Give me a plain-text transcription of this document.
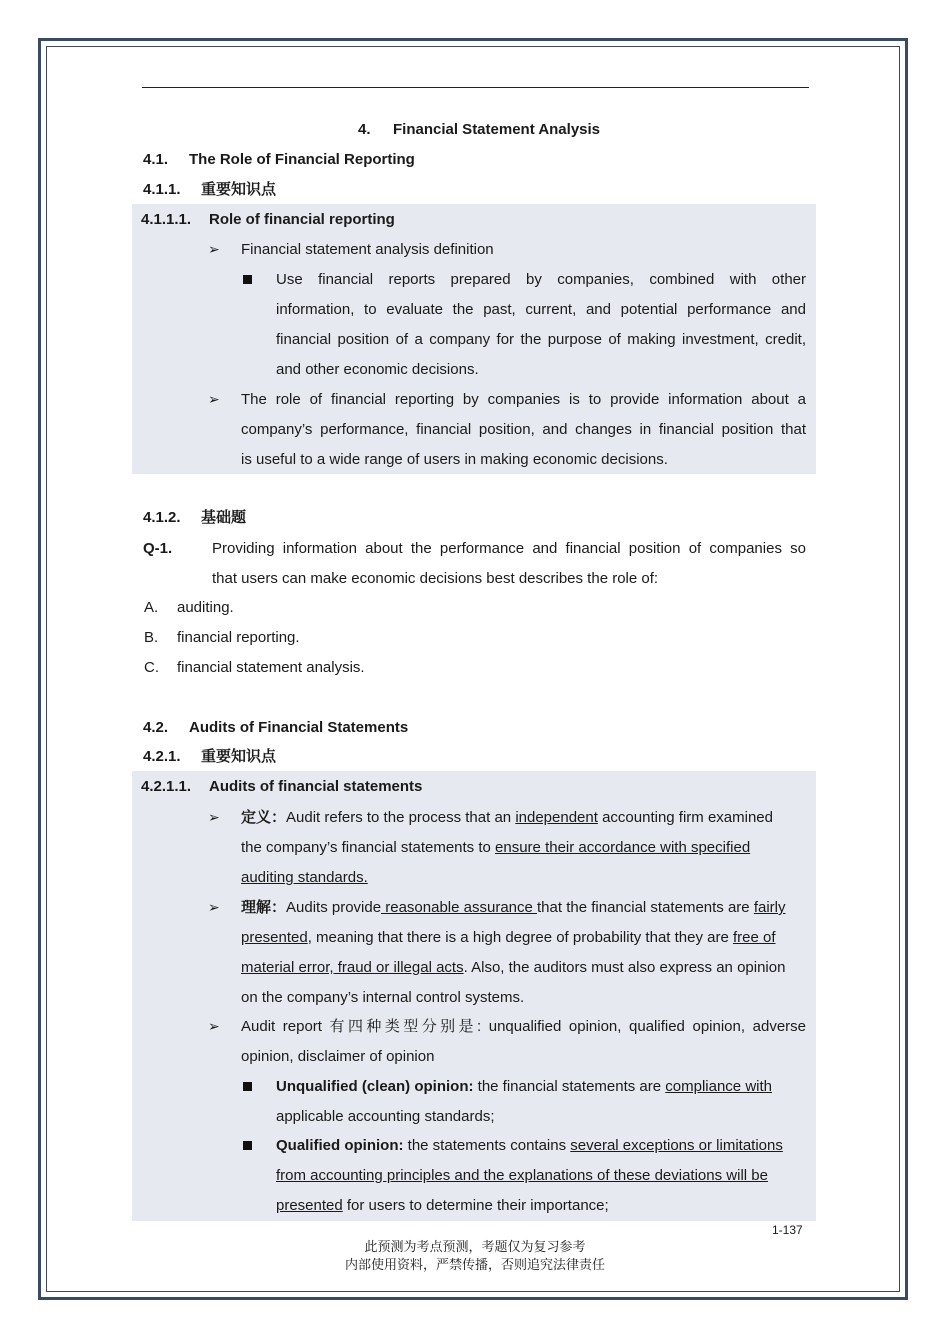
4. Financial Statement Analysis
4.1. The Role of Financial Reporting
4.1.1. 重要知识点
4.1.1.1. Role of financial reporting
➢ Financial statement analysis definition
Use financial reports prepared by companies, combined with other
information, to evaluate the past, current, and potential performance and
financial position of a company for the purpose of making investment, credit,
and other economic decisions.
➢ The role of financial reporting by companies is to provide information about a
company’s performance, financial position, and changes in financial position that
is useful to a wide range of users in making economic decisions.
4.1.2. 基础题
Q-1.	Providing information about the performance and financial position of companies so
that users can make economic decisions best describes the role of:
A. auditing.
B. financial reporting.
C. financial statement analysis.
4.2. Audits of Financial Statements
4.2.1. 重要知识点
4.2.1.1. Audits of financial statements
➢ 定义：Audit refers to the process that an independent accounting firm examined
the company’s financial statements to ensure their accordance with specified
auditing standards.
➢ 理解：Audits provide reasonable assurance that the financial statements are fairly
presented, meaning that there is a high degree of probability that they are free of
material error, fraud or illegal acts. Also, the auditors must also express an opinion
on the company’s internal control systems.
➢ Audit report 有四种类型分别是: unqualified opinion, qualified opinion, adverse
opinion, disclaimer of opinion
Unqualified (clean) opinion: the financial statements are compliance with
applicable accounting standards;
Qualified opinion: the statements contains several exceptions or limitations
from accounting principles and the explanations of these deviations will be
presented for users to determine their importance;
1-137
此预测为考点预测，考题仅为复习参考
内部使用资料，严禁传播，否则追究法律责任
